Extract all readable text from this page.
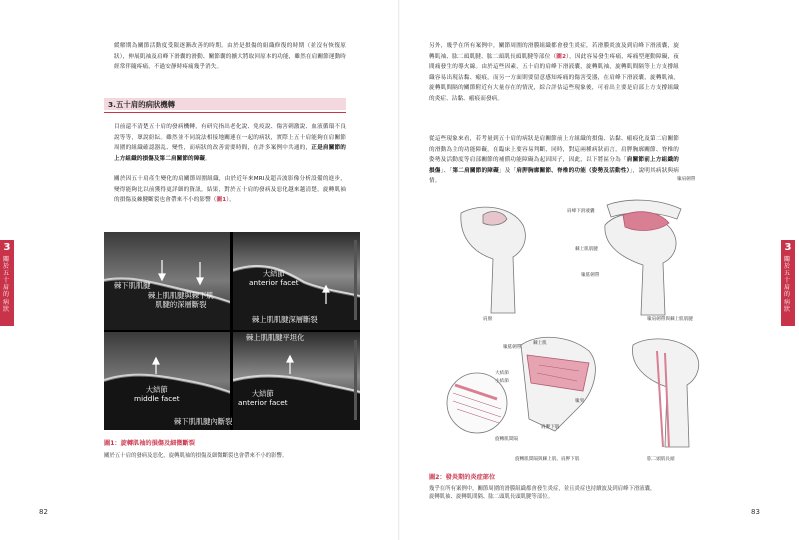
緩解期為關節活動度受限逐漸改善的時期。由於是損傷的組織修復的時期（並沒有恢復原狀），伸展肌袖及肩峰下滑囊的滑動、關節囊的擴大將取回原本的功能，雖然在肩關節運動時經常伴隨疼痛，不過安靜時疼痛幾乎消失。

3.五十肩的病狀機轉

目前還不清楚五十肩的發病機轉，有研究指出老化說、免疫說、傷害刺激說、血液循環不良說等等，眾說紛紜。雖然並不同說法相接地關連在一起的病狀，實際上五十肩能夠在肩關節周圍的組織確認器乱、變性，而病狀的改善需要時間，在許多案例中共通的，正是肩關節的上方組織的損傷及第二肩關節的障礙。

關於因五十肩產生變化的肩關節周圍組織，由於近年來MRI及超音波影像分析設備的進步，變得能夠比以前獲得更詳細的資訊，結果，對於五十肩的發病及惡化越來越清楚，旋轉肌袖的損傷及棘腱斷裂也會帶來不小的影響（圖1）。

棘下肌肌腱
棘上肌肌腱與棘下肌
肌腱的深層斷裂
大結節
anterior facet
棘上肌肌腱深層斷裂
棘上肌肌腱平坦化
大結節
middle facet
大結節
anterior facet
棘下肌肌腱內斷裂
圖1：旋轉肌袖的損傷及細微斷裂
關於五十肩的發病及惡化，旋轉肌袖的損傷及細微斷裂也會帶來不小的影響。
3
關於五十肩的病狀
82

另外，幾乎在所有案例中，關節周圍的滑膜組織都會發生炎症，若滑膜炎波及到肩峰下滑液囊，旋轉肌袖、肱二頭肌腱、肱二頭肌長頭肌腱等部位（圖2），因此容易發生疼痛，疼痛型運動障礙，夜間痛發生的導火線。由於這些因素，五十肩的肩峰下滑液囊，旋轉肌袖，旋轉肌間隔等上方支撐組織容易出現沾黏、瘢痕，而另一方面則要留意感知疼痛的傷害受器，在肩峰下滑液囊，旋轉肌袖，旋轉肌間隔的關節附近有大量存在的情況，綜合評估這些現象後，可看出主要是肩部上方支撐組織的炎症、沾黏、瘢痕而發病。

從這些現象來看，若考量到五十肩的病狀是肩關節前上方組織的損傷、沾黏、瘢痕化及第二肩關節的滑動為主的功能障礙，在臨床上要容易判斷，同時，對這兩種病狀而言，肩胛胸廓關節、脊椎的姿勢及活動度等肩部關節的補償功能障礙為起因因子，因此，以下將區分為「肩關節前上方組織的損傷」、「第二肩關節的障礙」及「肩胛胸廓關節、脊椎的功能（姿勢及活動性）」，說明其病狀與病情。	喙肩韌帶
肩峰下滑液囊
棘上肌肌腱
喙肱韌帶
肩膀	喙肩韌帶與棘上肌肌腱
喙肱韌帶
棘上肌
大結節
小結節
喙突
肩胛下肌
旋轉肌間隔
旋轉肌間隔與棘上肌、肩胛下肌	肱二頭肌長頭
圖2：發炎期的炎症部位
幾乎在所有案例中，關節周圍的滑膜組織都會發生炎症，並且炎症也持續波及到肩峰下滑液囊，
旋轉肌袖、旋轉肌間隔、肱二頭肌長頭肌腱等部位。
3
關於五十肩的病狀
83
